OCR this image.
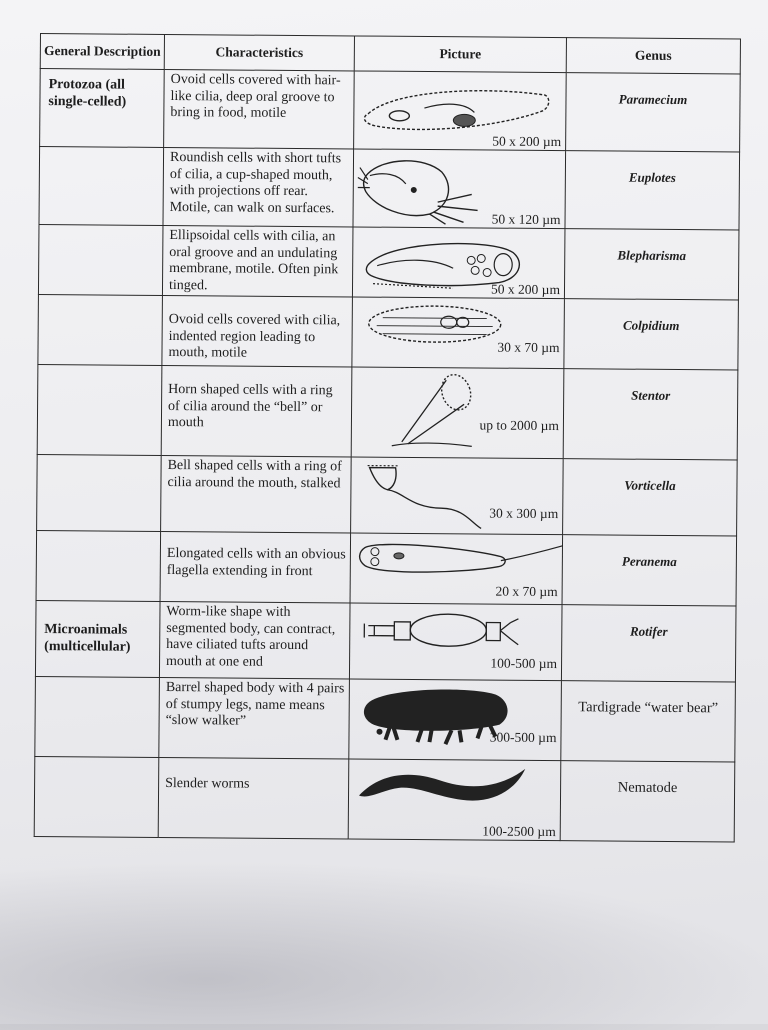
General Description	Characteristics	Picture	Genus

Protozoa (all single-celled)	Ovoid cells covered with hair-like cilia, deep oral groove to bring in food, motile	50 x 200 µm	Paramecium

	Roundish cells with short tufts of cilia, a cup-shaped mouth, with projections off rear. Motile, can walk on surfaces.	50 x 120 µm	Euplotes

	Ellipsoidal cells with cilia, an oral groove and an undulating membrane, motile. Often pink tinged.	50 x 200 µm	Blepharisma

	Ovoid cells covered with cilia, indented region leading to mouth, motile	30 x 70 µm	Colpidium

	Horn shaped cells with a ring of cilia around the “bell” or mouth	up to 2000 µm	Stentor

	Bell shaped cells with a ring of cilia around the mouth, stalked	30 x 300 µm	Vorticella

	Elongated cells with an obvious flagella extending in front	20 x 70 µm	Peranema

Microanimals (multicellular)	Worm-like shape with segmented body, can contract, have ciliated tufts around mouth at one end	100-500 µm	Rotifer

	Barrel shaped body with 4 pairs of stumpy legs, name means “slow walker”	300-500 µm	Tardigrade “water bear”

	Slender worms	100-2500 µm	Nematode
